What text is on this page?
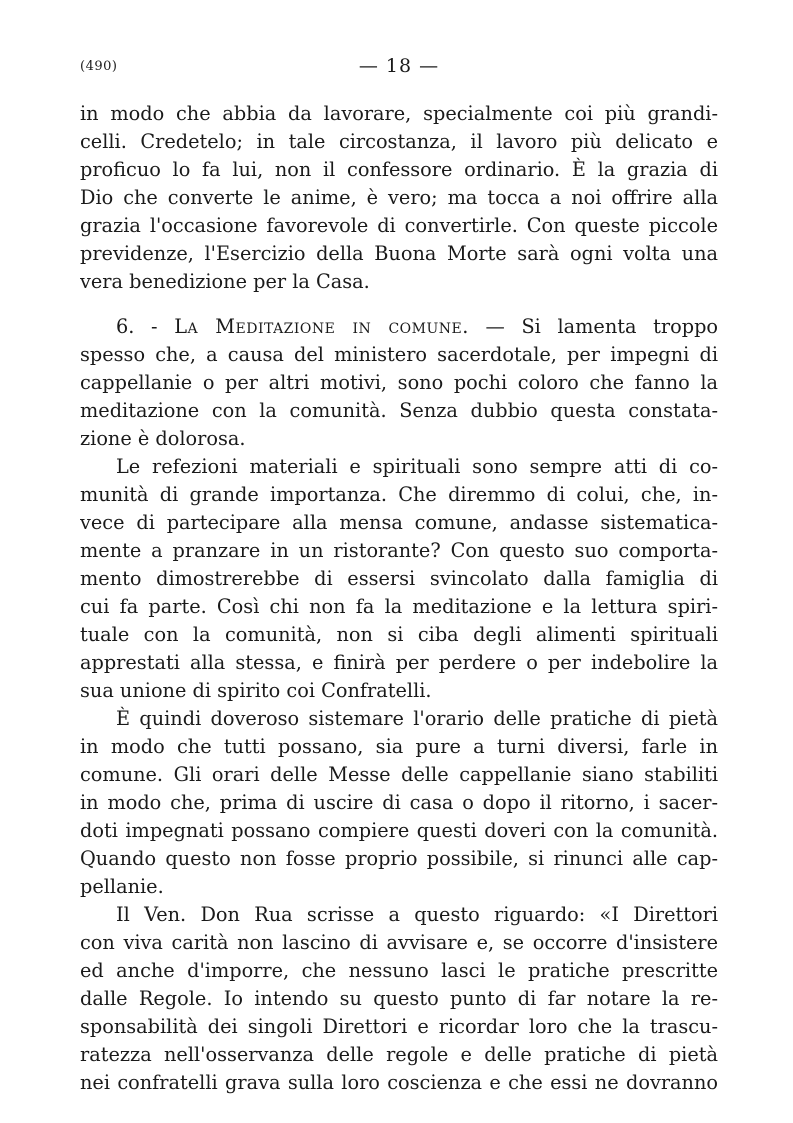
(490)	— 18 —
in modo che abbia da lavorare, specialmente coi più grandi-
celli. Credetelo; in tale circostanza, il lavoro più delicato e
proficuo lo fa lui, non il confessore ordinario. È la grazia di
Dio che converte le anime, è vero; ma tocca a noi offrire alla
grazia l'occasione favorevole di convertirle. Con queste piccole
previdenze, l'Esercizio della Buona Morte sarà ogni volta una
vera benedizione per la Casa.
6. - La Meditazione in comune. — Si lamenta troppo
spesso che, a causa del ministero sacerdotale, per impegni di
cappellanie o per altri motivi, sono pochi coloro che fanno la
meditazione con la comunità. Senza dubbio questa constata-
zione è dolorosa.
Le refezioni materiali e spirituali sono sempre atti di co-
munità di grande importanza. Che diremmo di colui, che, in-
vece di partecipare alla mensa comune, andasse sistematica-
mente a pranzare in un ristorante? Con questo suo comporta-
mento dimostrerebbe di essersi svincolato dalla famiglia di
cui fa parte. Così chi non fa la meditazione e la lettura spiri-
tuale con la comunità, non si ciba degli alimenti spirituali
apprestati alla stessa, e finirà per perdere o per indebolire la
sua unione di spirito coi Confratelli.
È quindi doveroso sistemare l'orario delle pratiche di pietà
in modo che tutti possano, sia pure a turni diversi, farle in
comune. Gli orari delle Messe delle cappellanie siano stabiliti
in modo che, prima di uscire di casa o dopo il ritorno, i sacer-
doti impegnati possano compiere questi doveri con la comunità.
Quando questo non fosse proprio possibile, si rinunci alle cap-
pellanie.
Il Ven. Don Rua scrisse a questo riguardo: «I Direttori
con viva carità non lascino di avvisare e, se occorre d'insistere
ed anche d'imporre, che nessuno lasci le pratiche prescritte
dalle Regole. Io intendo su questo punto di far notare la re-
sponsabilità dei singoli Direttori e ricordar loro che la trascu-
ratezza nell'osservanza delle regole e delle pratiche di pietà
nei confratelli grava sulla loro coscienza e che essi ne dovranno
